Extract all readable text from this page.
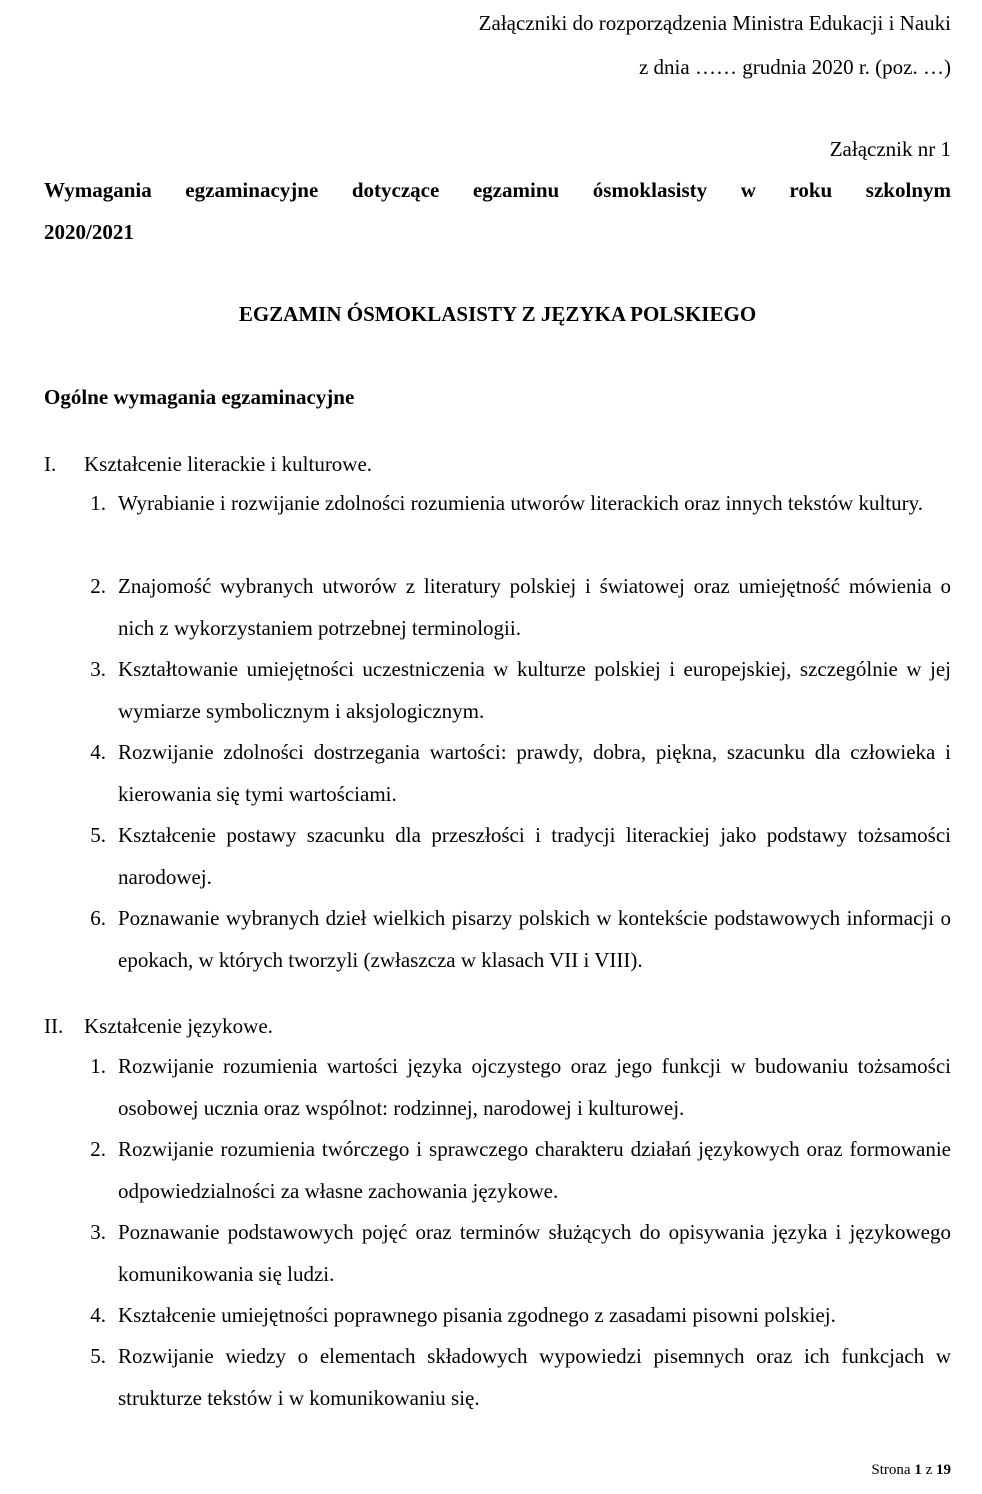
Załączniki do rozporządzenia Ministra Edukacji i Nauki
z dnia …… grudnia 2020 r. (poz. …)
Załącznik nr 1
Wymagania egzaminacyjne dotyczące egzaminu ósmoklasisty w roku szkolnym
2020/2021
EGZAMIN ÓSMOKLASISTY Z JĘZYKA POLSKIEGO
Ogólne wymagania egzaminacyjne
I. Kształcenie literackie i kulturowe.
1. Wyrabianie i rozwijanie zdolności rozumienia utworów literackich oraz innych tekstów kultury.
2. Znajomość wybranych utworów z literatury polskiej i światowej oraz umiejętność mówienia o nich z wykorzystaniem potrzebnej terminologii.
3. Kształtowanie umiejętności uczestniczenia w kulturze polskiej i europejskiej, szczególnie w jej wymiarze symbolicznym i aksjologicznym.
4. Rozwijanie zdolności dostrzegania wartości: prawdy, dobra, piękna, szacunku dla człowieka i kierowania się tymi wartościami.
5. Kształcenie postawy szacunku dla przeszłości i tradycji literackiej jako podstawy tożsamości narodowej.
6. Poznawanie wybranych dzieł wielkich pisarzy polskich w kontekście podstawowych informacji o epokach, w których tworzyli (zwłaszcza w klasach VII i VIII).
II. Kształcenie językowe.
1. Rozwijanie rozumienia wartości języka ojczystego oraz jego funkcji w budowaniu tożsamości osobowej ucznia oraz wspólnot: rodzinnej, narodowej i kulturowej.
2. Rozwijanie rozumienia twórczego i sprawczego charakteru działań językowych oraz formowanie odpowiedzialności za własne zachowania językowe.
3. Poznawanie podstawowych pojęć oraz terminów służących do opisywania języka i językowego komunikowania się ludzi.
4. Kształcenie umiejętności poprawnego pisania zgodnego z zasadami pisowni polskiej.
5. Rozwijanie wiedzy o elementach składowych wypowiedzi pisemnych oraz ich funkcjach w strukturze tekstów i w komunikowaniu się.
Strona 1 z 19
